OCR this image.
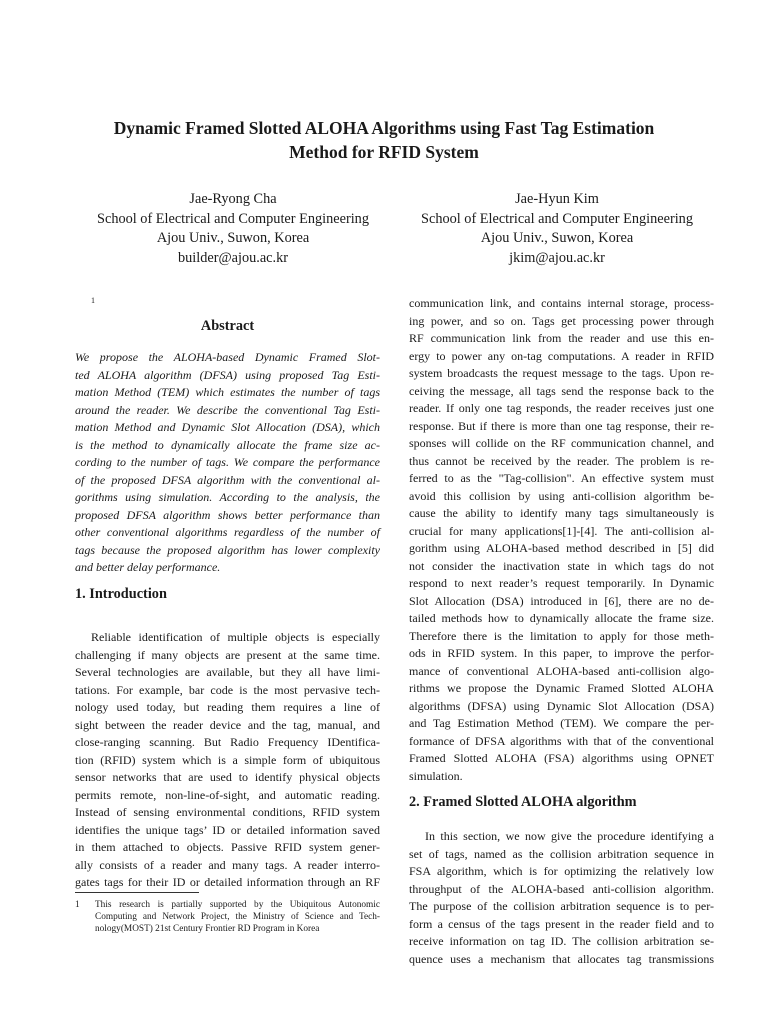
Dynamic Framed Slotted ALOHA Algorithms using Fast Tag Estimation
Method for RFID System
Jae-Ryong Cha
School of Electrical and Computer Engineering
Ajou Univ., Suwon, Korea
builder@ajou.ac.kr
Jae-Hyun Kim
School of Electrical and Computer Engineering
Ajou Univ., Suwon, Korea
jkim@ajou.ac.kr
1
Abstract
We propose the ALOHA-based Dynamic Framed Slot-
ted ALOHA algorithm (DFSA) using proposed Tag Esti-
mation Method (TEM) which estimates the number of tags
around the reader. We describe the conventional Tag Esti-
mation Method and Dynamic Slot Allocation (DSA), which
is the method to dynamically allocate the frame size ac-
cording to the number of tags. We compare the performance
of the proposed DFSA algorithm with the conventional al-
gorithms using simulation. According to the analysis, the
proposed DFSA algorithm shows better performance than
other conventional algorithms regardless of the number of
tags because the proposed algorithm has lower complexity
and better delay performance.
1. Introduction
Reliable identification of multiple objects is especially
challenging if many objects are present at the same time.
Several technologies are available, but they all have limi-
tations. For example, bar code is the most pervasive tech-
nology used today, but reading them requires a line of
sight between the reader device and the tag, manual, and
close-ranging scanning. But Radio Frequency IDentifica-
tion (RFID) system which is a simple form of ubiquitous
sensor networks that are used to identify physical objects
permits remote, non-line-of-sight, and automatic reading.
Instead of sensing environmental conditions, RFID system
identifies the unique tags’ ID or detailed information saved
in them attached to objects. Passive RFID system gener-
ally consists of a reader and many tags. A reader interro-
gates tags for their ID or detailed information through an RF
1 This research is partially supported by the Ubiquitous Autonomic
Computing and Network Project, the Ministry of Science and Tech-
nology(MOST) 21st Century Frontier RD Program in Korea
communication link, and contains internal storage, process-
ing power, and so on. Tags get processing power through
RF communication link from the reader and use this en-
ergy to power any on-tag computations. A reader in RFID
system broadcasts the request message to the tags. Upon re-
ceiving the message, all tags send the response back to the
reader. If only one tag responds, the reader receives just one
response. But if there is more than one tag response, their re-
sponses will collide on the RF communication channel, and
thus cannot be received by the reader. The problem is re-
ferred to as the "Tag-collision". An effective system must
avoid this collision by using anti-collision algorithm be-
cause the ability to identify many tags simultaneously is
crucial for many applications[1]-[4]. The anti-collision al-
gorithm using ALOHA-based method described in [5] did
not consider the inactivation state in which tags do not
respond to next reader’s request temporarily. In Dynamic
Slot Allocation (DSA) introduced in [6], there are no de-
tailed methods how to dynamically allocate the frame size.
Therefore there is the limitation to apply for those meth-
ods in RFID system. In this paper, to improve the perfor-
mance of conventional ALOHA-based anti-collision algo-
rithms we propose the Dynamic Framed Slotted ALOHA
algorithms (DFSA) using Dynamic Slot Allocation (DSA)
and Tag Estimation Method (TEM). We compare the per-
formance of DFSA algorithms with that of the conventional
Framed Slotted ALOHA (FSA) algorithms using OPNET
simulation.
2. Framed Slotted ALOHA algorithm
In this section, we now give the procedure identifying a
set of tags, named as the collision arbitration sequence in
FSA algorithm, which is for optimizing the relatively low
throughput of the ALOHA-based anti-collision algorithm.
The purpose of the collision arbitration sequence is to per-
form a census of the tags present in the reader field and to
receive information on tag ID. The collision arbitration se-
quence uses a mechanism that allocates tag transmissions
